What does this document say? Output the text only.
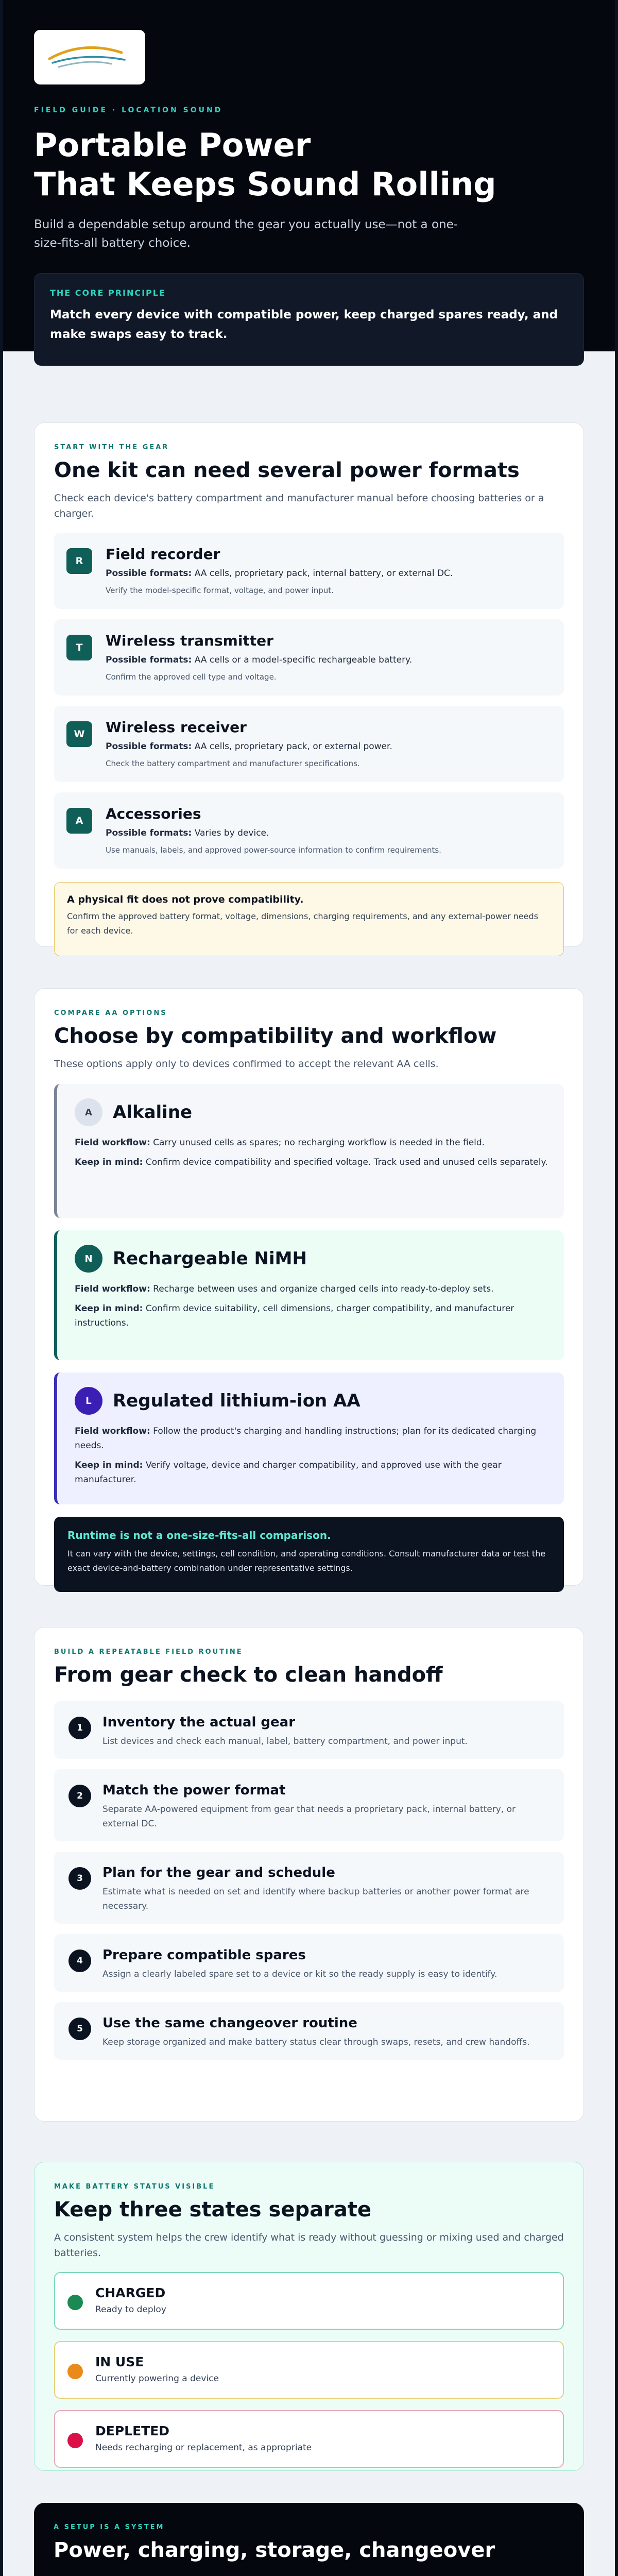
FIELD GUIDE · LOCATION SOUND
Portable Power
That Keeps Sound Rolling

Build a dependable setup around the gear you actually use—not a one-size-fits-all battery choice.

THE CORE PRINCIPLE
Match every device with compatible power, keep charged spares ready, and make swaps easy to track.
START WITH THE GEAR
One kit can need several power formats

Check each device's battery compartment and manufacturer manual before choosing batteries or a charger.

R	Field recorder
Possible formats: AA cells, proprietary pack, internal battery, or external DC.
Verify the model-specific format, voltage, and power input.
T	Wireless transmitter
Possible formats: AA cells or a model-specific rechargeable battery.
Confirm the approved cell type and voltage.
W	Wireless receiver
Possible formats: AA cells, proprietary pack, or external power.
Check the battery compartment and manufacturer specifications.
A	Accessories
Possible formats: Varies by device.
Use manuals, labels, and approved power-source information to confirm requirements.
A physical fit does not prove compatibility.
Confirm the approved battery format, voltage, dimensions, charging requirements, and any external-power needs for each device.
COMPARE AA OPTIONS
Choose by compatibility and workflow

These options apply only to devices confirmed to accept the relevant AA cells.

A	Alkaline
Field workflow: Carry unused cells as spares; no recharging workflow is needed in the field.
Keep in mind: Confirm device compatibility and specified voltage. Track used and unused cells separately.
N	Rechargeable NiMH
Field workflow: Recharge between uses and organize charged cells into ready-to-deploy sets.
Keep in mind: Confirm device suitability, cell dimensions, charger compatibility, and manufacturer instructions.
L	Regulated lithium-ion AA
Field workflow: Follow the product's charging and handling instructions; plan for its dedicated charging needs.
Keep in mind: Verify voltage, device and charger compatibility, and approved use with the gear manufacturer.
Runtime is not a one-size-fits-all comparison.
It can vary with the device, settings, cell condition, and operating conditions. Consult manufacturer data or test the exact device-and-battery combination under representative settings.
BUILD A REPEATABLE FIELD ROUTINE
From gear check to clean handoff
1	Inventory the actual gear
List devices and check each manual, label, battery compartment, and power input.
2	Match the power format
Separate AA-powered equipment from gear that needs a proprietary pack, internal battery, or external DC.
3	Plan for the gear and schedule
Estimate what is needed on set and identify where backup batteries or another power format are necessary.
4	Prepare compatible spares
Assign a clearly labeled spare set to a device or kit so the ready supply is easy to identify.
5	Use the same changeover routine
Keep storage organized and make battery status clear through swaps, resets, and crew handoffs.
MAKE BATTERY STATUS VISIBLE
Keep three states separate

A consistent system helps the crew identify what is ready without guessing or mixing used and charged batteries.

CHARGED
Ready to deploy
IN USE
Currently powering a device
DEPLETED
Needs recharging or replacement, as appropriate
A SETUP IS A SYSTEM
Power, charging, storage, changeover
